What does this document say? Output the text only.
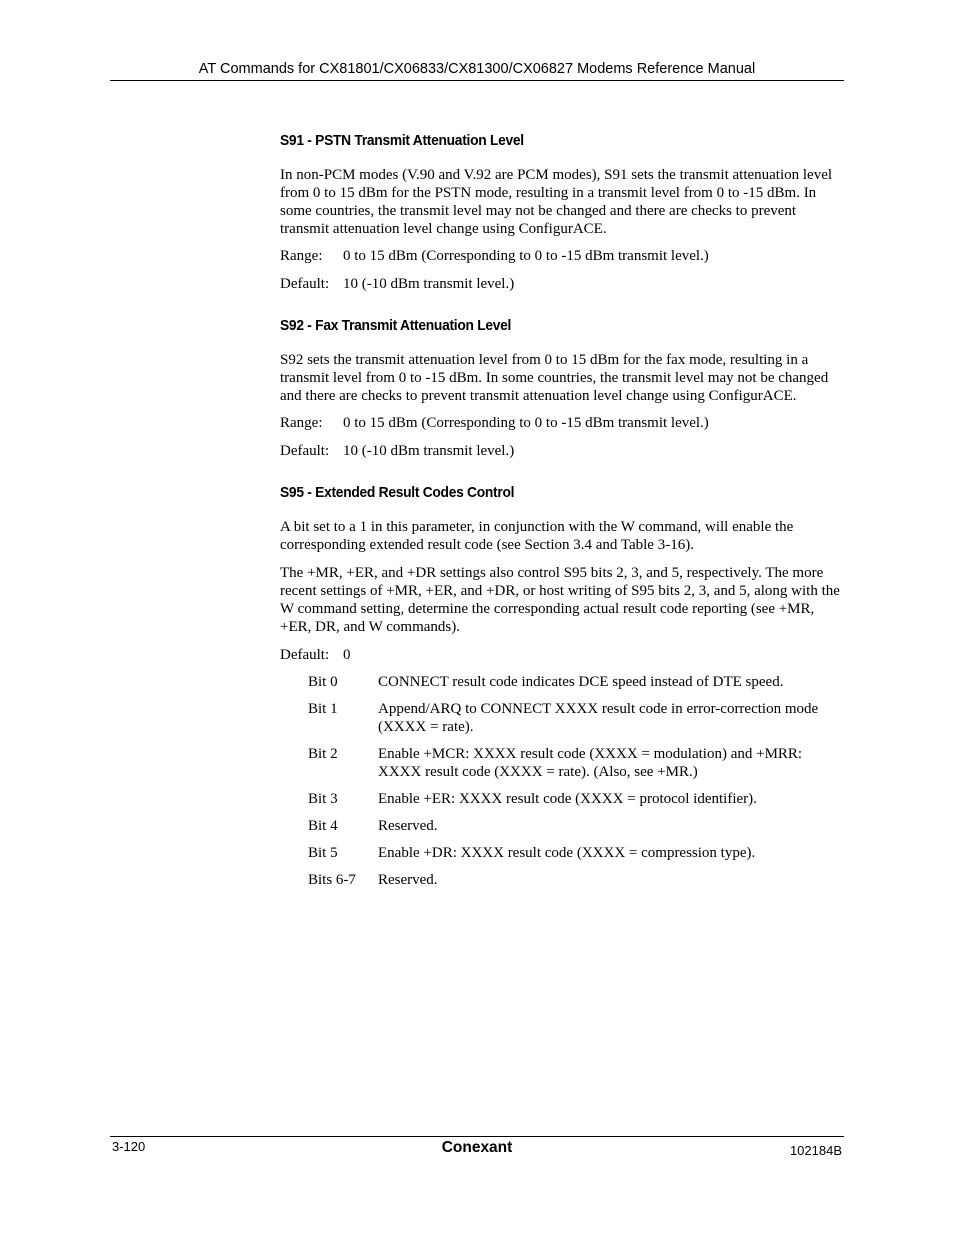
AT Commands for CX81801/CX06833/CX81300/CX06827 Modems Reference Manual
S91 - PSTN Transmit Attenuation Level

In non-PCM modes (V.90 and V.92 are PCM modes), S91 sets the transmit attenuation level from 0 to 15 dBm for the PSTN mode, resulting in a transmit level from 0 to -15 dBm. In some countries, the transmit level may not be changed and there are checks to prevent transmit attenuation level change using ConfigurACE.

Range:	0 to 15 dBm (Corresponding to 0 to -15 dBm transmit level.)
Default: 10 (-10 dBm transmit level.)
S92 - Fax Transmit Attenuation Level

S92 sets the transmit attenuation level from 0 to 15 dBm for the fax mode, resulting in a transmit level from 0 to -15 dBm. In some countries, the transmit level may not be changed and there are checks to prevent transmit attenuation level change using ConfigurACE.

Range:	0 to 15 dBm (Corresponding to 0 to -15 dBm transmit level.)
Default: 10 (-10 dBm transmit level.)
S95 - Extended Result Codes Control

A bit set to a 1 in this parameter, in conjunction with the W command, will enable the corresponding extended result code (see Section 3.4 and Table 3-16).

The +MR, +ER, and +DR settings also control S95 bits 2, 3, and 5, respectively. The more recent settings of +MR, +ER, and +DR, or host writing of S95 bits 2, 3, and 5, along with the W command setting, determine the corresponding actual result code reporting (see +MR, +ER, DR, and W commands).

Default: 0
Bit 0	CONNECT result code indicates DCE speed instead of DTE speed.
Bit 1	Append/ARQ to CONNECT XXXX result code in error-correction mode (XXXX = rate).
Bit 2	Enable +MCR: XXXX result code (XXXX = modulation) and +MRR: XXXX result code (XXXX = rate). (Also, see +MR.)
Bit 3	Enable +ER: XXXX result code (XXXX = protocol identifier).
Bit 4	Reserved.
Bit 5	Enable +DR: XXXX result code (XXXX = compression type).
Bits 6-7	Reserved.
3-120	Conexant	102184B
